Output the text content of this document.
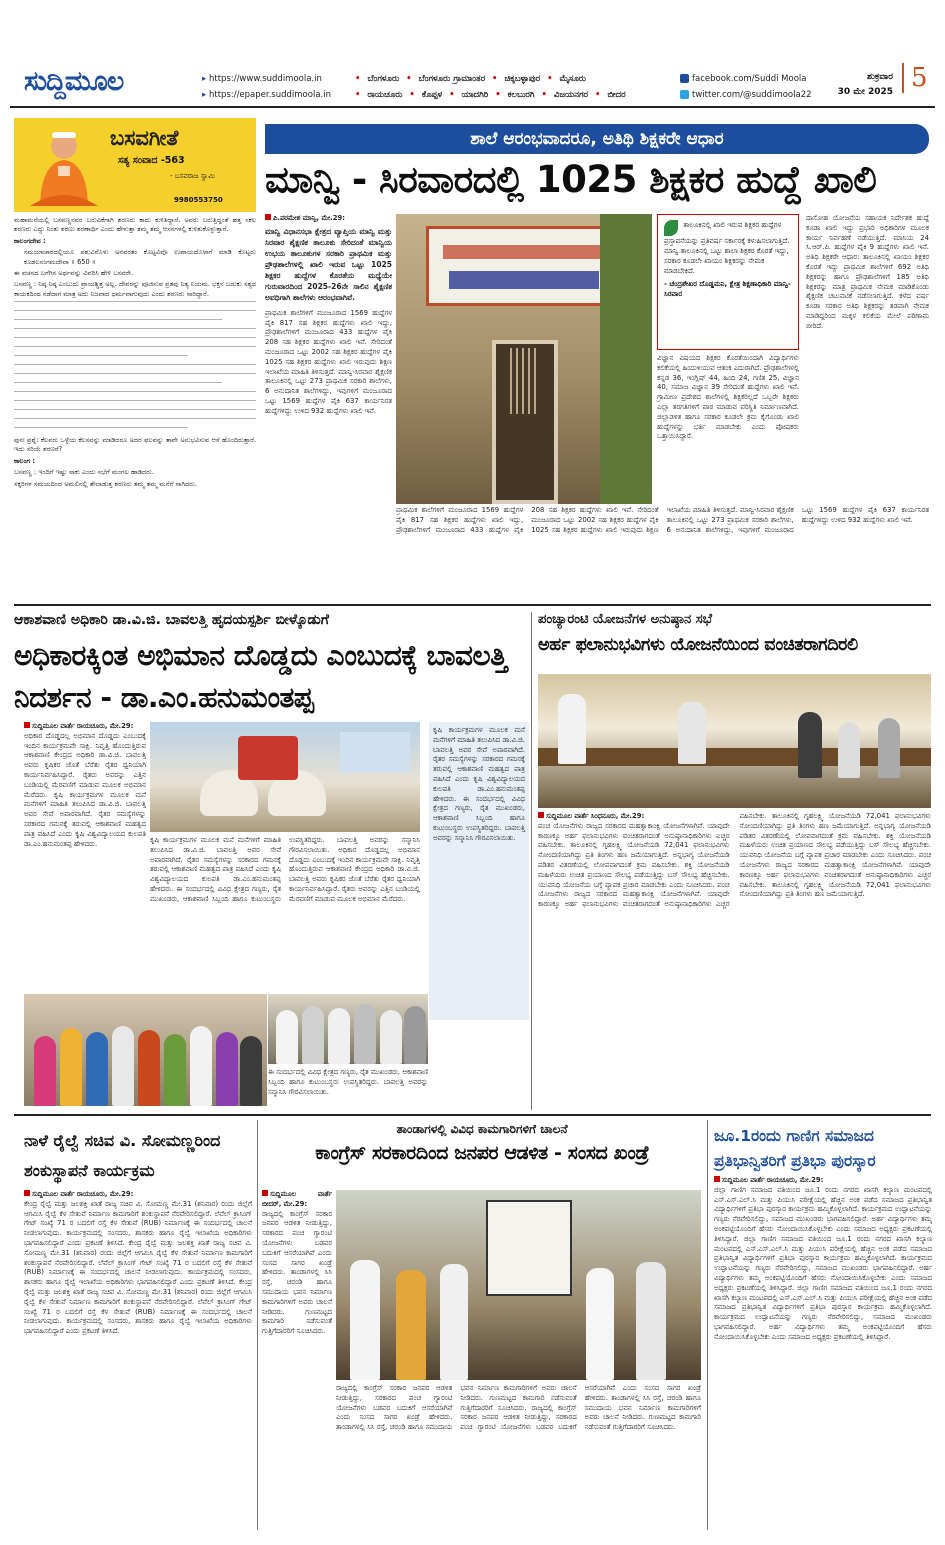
ಸುದ್ದಿಮೂಲ	▸ https://www.suddimoola.in
▸ https://epaper.suddimoola.in
• ಬೆಂಗಳೂರು • ಬೆಂಗಳೂರು ಗ್ರಾಮಾಂತರ • ಚಿಕ್ಕಬಳ್ಳಾಪುರ • ಮೈಸೂರು
• ರಾಯಚೂರು • ಕೊಪ್ಪಳ • ಯಾದಗಿರಿ • ಕಲಬುರಗಿ • ವಿಜಯನಗರ • ಬೀದರ
facebook.com/Suddi Moola
twitter.com/@suddimoola22
ಶುಕ್ರವಾರ
30 ಮೇ 2025 5
ಬಸವಗೀತೆ
ಸತ್ಯ ಸಂವಾದ -563
- ಬಸವರಾಜ ಸ್ವಾಮಿ
9980553750

ಮಹಾಮನೆಯಲ್ಲಿ ಬಸವಣ್ಣನವರ ಬರುವಿಕೆಗಾಗಿ ಶರಣರು ಕಾದು ಕುಳಿತಿದ್ದಾರೆ. ಅವರು ಬರುತ್ತಿದ್ದಂತೆ ಹತ್ತ ಸಕಲ ಶರಣರು ಎದ್ದು ನಿಂತು ಶರಣು ಶರಣಾರ್ಥಿ ಎಂದು ಹೇಳುತ್ತಾ ತಮ್ಮ ತಮ್ಮ ಆಸನಗಳಲ್ಲಿ ಕುಳಿತುಕೊಳ್ಳುತ್ತಾರೆ.

ಕಾಲಂಗದೇವ :

ಸಮಯಾಚಾರದಲ್ಲಿಯೂ ಪಶುವಿನೊಳು ಅನವರತಂ ಕೊಟ್ಟವಿವೊ ಉಪಾಯದೊಳಾಗೆ ಮಾಡಿ ಕೊಟ್ಟರು ಕೂಡಲಸಂಗಮದೇವಾ ॥ 650 ॥

ಈ ವಚನದ ಬಗೆಗಿನ ಅರ್ಥವನ್ನು ವಿವರಿಸಿ ಹೇಳಿ ಬಸವರೇ.

ಬಸವಣ್ಣ : ನಿಷ್ಠ ನಿಷ್ಠ ಎಂಬುದು ಪ್ರಾಯಶ್ಚಿತ್ತ ಅಲ್ಲ. ದೇವರನ್ನು ಪೂಜಿಸುವ ವ್ರತವು ನಿತ್ಯ ನಿಯಮ. ಭಕ್ತನ ಬದುಕು ಸತ್ಯದ ಕಾಯಕದಿಂದ ನಡೆದಾಗ ಮಾತ್ರ ಅದು ನಿಜವಾದ ಧರ್ಮವಾಗುವುದು ಎಂದು ಶರಣರು ಸಾರಿದ್ದಾರೆ.

ಪುನಃ ಪ್ರಶ್ನೆ: ಕೆಲವರು ಒಳ್ಳೆಯ ಕೆಲಸವನ್ನು ಮಾಡಿದರೂ ಅದರ ಫಲವನ್ನು ತಾವೇ ಅನುಭವಿಸುವ ಆಸೆ ಹೊಂದಿರುತ್ತಾರೆ. ಇದು ಸರಿಯೆ ಶರಣರೆ?

ಕಾಲಂಗ :

ಬಸವಣ್ಣ : ಇಂದಿಗೆ ಇಷ್ಟು ಸಾಕು ಎಂದು ಸಭೆಗೆ ಮಂಗಲ ಹಾಡಿದರು.

ಸಕ್ಕರಿಗಳ ಸಮಯದಿಂದ ಅಮಲಿನಲ್ಲಿ ತೇಲಾಡುತ್ತ ಶರಣರು ತಮ್ಮ ತಮ್ಮ ಮನೆಗೆ ಸಾಗಿದರು.

ಶಾಲೆ ಆರಂಭವಾದರೂ, ಅತಿಥಿ ಶಿಕ್ಷಕರೇ ಆಧಾರ
ಮಾನ್ವಿ - ಸಿರವಾರದಲ್ಲಿ 1025 ಶಿಕ್ಷಕರ ಹುದ್ದೆ ಖಾಲಿ
ಪಿ.ಪರಮೇಶ ಮಾನ್ವಿ, ಮೇ.29:
ಮಾನ್ವಿ ವಿಧಾನಸಭಾ ಕ್ಷೇತ್ರದ ವ್ಯಾಪ್ತಿಯ ಮಾನ್ವಿ ಮತ್ತು ಸಿರವಾರ ಶೈಕ್ಷಣಿಕ ತಾಲೂಕು ಸೇರಿದಂತೆ ಮಾನ್ವಿಯ ಉಭಯ ತಾಲೂಕುಗಳ ಸರಕಾರಿ ಪ್ರಾಥಮಿಕ ಮತ್ತು ಪ್ರೌಢಶಾಲೆಗಳಲ್ಲಿ ಖಾಲಿ ಇರುವ ಒಟ್ಟು 1025 ಶಿಕ್ಷಕರ ಹುದ್ದೆಗಳ ಕೊರತೆಯ ಮಧ್ಯೆಯೇ ಗುರುವಾರದಿಂದ 2025-26ನೇ ಸಾಲಿನ ಶೈಕ್ಷಣಿಕ ಅವಧಿಗಾಗಿ ಶಾಲೆಗಳು ಆರಂಭವಾಗಿವೆ.
ಪ್ರಾಥಮಿಕ ಶಾಲೆಗಳಿಗೆ ಮಂಜೂರಾದ 1569 ಹುದ್ದೆಗಳ ಪೈಕಿ 817 ಸಹ ಶಿಕ್ಷಕರ ಹುದ್ದೆಗಳು ಖಾಲಿ ಇದ್ದು, ಪ್ರೌಢಶಾಲೆಗಳಿಗೆ ಮಂಜೂರಾದ 433 ಹುದ್ದೆಗಳ ಪೈಕಿ 208 ಸಹ ಶಿಕ್ಷಕರ ಹುದ್ದೆಗಳು ಖಾಲಿ ಇವೆ. ಸೇರಿದಂತೆ ಮಂಜೂರಾದ ಒಟ್ಟು 2002 ಸಹ ಶಿಕ್ಷಕರ ಹುದ್ದೆಗಳ ಪೈಕಿ 1025 ಸಹ ಶಿಕ್ಷಕರ ಹುದ್ದೆಗಳು ಖಾಲಿ ಇರುವುದು ಶಿಕ್ಷಣ ಇಲಾಖೆಯ ಮಾಹಿತಿ ತಿಳಿಸುತ್ತದೆ. ಮಾನ್ವಿ-ಸಿರವಾರ ಶೈಕ್ಷಣಿಕ ತಾಲೂಕಿನಲ್ಲಿ ಒಟ್ಟು 273 ಪ್ರಾಥಮಿಕ ಸರಕಾರಿ ಶಾಲೆಗಳು, 6 ಅನುದಾನಿತ ಶಾಲೆಗಳಿದ್ದು, ಇವುಗಳಿಗೆ ಮಂಜೂರಾದ ಒಟ್ಟು 1569 ಹುದ್ದೆಗಳ ಪೈಕಿ 637 ಕಾರ್ಯನಿರತ ಹುದ್ದೆಗಳಿದ್ದು ಉಳಿದ 932 ಹುದ್ದೆಗಳು ಖಾಲಿ ಇವೆ.
ತಾಲೂಕಿನಲ್ಲಿ ಖಾಲಿ ಇರುವ ಶಿಕ್ಷಕರ ಹುದ್ದೆಗಳ ಪ್ರಸ್ತಾವನೆಯನ್ನು ಪ್ರತಿವರ್ಷ ಸರ್ಕಾರಕ್ಕೆ ಕಳುಹಿಸಲಾಗುತ್ತಿದೆ. ಮಾನ್ವಿ ತಾಲೂಕಿನಲ್ಲಿ ಒಟ್ಟು ಶಾಲಾ ಶಿಕ್ಷಕರ ಕೊರತೆ ಇದ್ದು, ಸರಕಾರ ಕೂಡಲೇ ಖಾಯಂ ಶಿಕ್ಷಕರನ್ನು ನೇಮಕ ಮಾಡಬೇಕಿದೆ.
- ಚಂದ್ರಶೇಖರ ದೊಡ್ಡಮನಿ, ಕ್ಷೇತ್ರ ಶಿಕ್ಷಣಾಧಿಕಾರಿ ಮಾನ್ವಿ-ಸಿರವಾರ
ದಾಸೋಹ ಯೋಜನೆಯ ಸಹಾಯಕ ನಿರ್ದೇಶಕ ಹುದ್ದೆ ಕೂಡಾ ಖಾಲಿ ಇದ್ದು ಪ್ರಭಾರಿ ಅಧಿಕಾರಿಗಳ ಮೂಲಕ ಕಾರ್ಯ ನಿರ್ವಹಣೆ ನಡೆಯುತ್ತಿದೆ. ಮಾಸಿಯ 24 ಸಿ.ಆರ್.ಪಿ. ಹುದ್ದೆಗಳ ಪೈಕಿ 9 ಹುದ್ದೆಗಳು ಖಾಲಿ ಇವೆ. ಅತಿಥಿ ಶಿಕ್ಷಕರೇ ಆಧಾರ: ತಾಲೂಕಿನಲ್ಲಿ ಖಾಯಂ ಶಿಕ್ಷಕರ ಕೊರತೆ ಇದ್ದು ಪ್ರಾಥಮಿಕ ಶಾಲೆಗಳಿಗೆ 692 ಅತಿಥಿ ಶಿಕ್ಷಕರನ್ನು ಹಾಗೂ ಪ್ರೌಢಶಾಲೆಗಳಿಗೆ 185 ಅತಿಥಿ ಶಿಕ್ಷಕರನ್ನು ಮಾತ್ರ ಪ್ರಾಥಮಿಕ ನೇಮಕ ಮಾಡಿಕೊಂಡು ಶೈಕ್ಷಣಿಕ ಚಟುವಟಿಕೆ ನಡೆಸಲಾಗುತ್ತಿದೆ. ಕಳೆದ ವರ್ಷ ಕೂಡಾ ಸರಕಾರ ಅತಿಥಿ ಶಿಕ್ಷಕರನ್ನು ತಡವಾಗಿ ನೇಮಕ ಮಾಡಿದ್ದರಿಂದ ಮಕ್ಕಳ ಕಲಿಕೆಯ ಮೇಲೆ ಪರಿಣಾಮ ಬೀರಿದೆ.
ವಿಜ್ಞಾನ ವಿಷಯದ ಶಿಕ್ಷಕರ ಕೊರತೆಯಿಂದಾಗಿ ವಿದ್ಯಾರ್ಥಿಗಳು ಕಲಿಕೆಯಲ್ಲಿ ಹಿಂದುಳಿಯುವ ಆತಂಕ ಎದುರಾಗಿದೆ. ಪ್ರೌಢಶಾಲೆಗಳಲ್ಲಿ ಕನ್ನಡ 36, ಇಂಗ್ಲಿಷ್ 44, ಹಿಂದಿ 24, ಗಣಿತ 25, ವಿಜ್ಞಾನ 40, ಸಮಾಜ ವಿಜ್ಞಾನ 39 ಸೇರಿದಂತೆ ಹುದ್ದೆಗಳು ಖಾಲಿ ಇವೆ. ಗ್ರಾಮೀಣ ಪ್ರದೇಶದ ಶಾಲೆಗಳಲ್ಲಿ ಶಿಕ್ಷಕರಿಲ್ಲದೆ ಒಬ್ಬರೇ ಶಿಕ್ಷಕರು ಎಲ್ಲಾ ತರಗತಿಗಳಿಗೆ ಪಾಠ ಮಾಡುವ ಪರಿಸ್ಥಿತಿ ನಿರ್ಮಾಣವಾಗಿದೆ. ಜಿಲ್ಲಾಡಳಿತ ಹಾಗೂ ಸರಕಾರ ಕೂಡಲೇ ಕ್ರಮ ಕೈಗೊಂಡು ಖಾಲಿ ಹುದ್ದೆಗಳನ್ನು ಭರ್ತಿ ಮಾಡಬೇಕು ಎಂದು ಪೋಷಕರು ಒತ್ತಾಯಿಸಿದ್ದಾರೆ.
ಪ್ರಾಥಮಿಕ ಶಾಲೆಗಳಿಗೆ ಮಂಜೂರಾದ 1569 ಹುದ್ದೆಗಳ ಪೈಕಿ 817 ಸಹ ಶಿಕ್ಷಕರ ಹುದ್ದೆಗಳು ಖಾಲಿ ಇದ್ದು, ಪ್ರೌಢಶಾಲೆಗಳಿಗೆ ಮಂಜೂರಾದ 433 ಹುದ್ದೆಗಳ ಪೈಕಿ 208 ಸಹ ಶಿಕ್ಷಕರ ಹುದ್ದೆಗಳು ಖಾಲಿ ಇವೆ. ಸೇರಿದಂತೆ ಮಂಜೂರಾದ ಒಟ್ಟು 2002 ಸಹ ಶಿಕ್ಷಕರ ಹುದ್ದೆಗಳ ಪೈಕಿ 1025 ಸಹ ಶಿಕ್ಷಕರ ಹುದ್ದೆಗಳು ಖಾಲಿ ಇರುವುದು ಶಿಕ್ಷಣ ಇಲಾಖೆಯ ಮಾಹಿತಿ ತಿಳಿಸುತ್ತದೆ. ಮಾನ್ವಿ-ಸಿರವಾರ ಶೈಕ್ಷಣಿಕ ತಾಲೂಕಿನಲ್ಲಿ ಒಟ್ಟು 273 ಪ್ರಾಥಮಿಕ ಸರಕಾರಿ ಶಾಲೆಗಳು, 6 ಅನುದಾನಿತ ಶಾಲೆಗಳಿದ್ದು, ಇವುಗಳಿಗೆ ಮಂಜೂರಾದ ಒಟ್ಟು 1569 ಹುದ್ದೆಗಳ ಪೈಕಿ 637 ಕಾರ್ಯನಿರತ ಹುದ್ದೆಗಳಿದ್ದು ಉಳಿದ 932 ಹುದ್ದೆಗಳು ಖಾಲಿ ಇವೆ.
ಆಕಾಶವಾಣಿ ಅಧಿಕಾರಿ ಡಾ.ವಿ.ಜಿ. ಬಾವಲತ್ತಿ ಹೃದಯಸ್ಪರ್ಶಿ ಬೀಳ್ಕೊಡುಗೆ
ಅಧಿಕಾರಕ್ಕಿಂತ ಅಭಿಮಾನ ದೊಡ್ಡದು ಎಂಬುದಕ್ಕೆ ಬಾವಲತ್ತಿ ನಿದರ್ಶನ - ಡಾ.ಎಂ.ಹನುಮಂತಪ್ಪ
ಸುದ್ದಿಮೂಲ ವಾರ್ತೆ ರಾಯಚೂರು, ಮೇ.29:
ಅಧಿಕಾರ ದೊಡ್ಡದಲ್ಲ ಅಭಿಮಾನ ದೊಡ್ಡದು ಎಂಬುದಕ್ಕೆ ಇಂದಿನ ಕಾರ್ಯಕ್ರಮವೇ ಸಾಕ್ಷಿ. ನಿವೃತ್ತಿ ಹೊಂದುತ್ತಿರುವ ಆಕಾಶವಾಣಿ ಕೇಂದ್ರದ ಅಧಿಕಾರಿ ಡಾ.ವಿ.ಜಿ. ಬಾವಲತ್ತಿ ಅವರು ಕೃಷಿಕರ ಜೊತೆ ಬೆರೆತು ರೈತರ ಧ್ವನಿಯಾಗಿ ಕಾರ್ಯನಿರ್ವಹಿಸಿದ್ದಾರೆ. ರೈತರು ಅವರನ್ನು ಎತ್ತಿನ ಬಂಡಿಯಲ್ಲಿ ಮೆರವಣಿಗೆ ಮಾಡುವ ಮೂಲಕ ಅಭಿಮಾನ ಮೆರೆದರು. ಕೃಷಿ ಕಾರ್ಯಕ್ರಮಗಳ ಮೂಲಕ ಮನೆ ಮನೆಗಳಿಗೆ ಮಾಹಿತಿ ತಲುಪಿಸಿದ ಡಾ.ವಿ.ಜಿ. ಬಾವಲತ್ತಿ ಅವರ ಸೇವೆ ಅಪಾರವಾಗಿದೆ. ರೈತರ ಸಮಸ್ಯೆಗಳನ್ನು ಸರಕಾರದ ಗಮನಕ್ಕೆ ತರುವಲ್ಲಿ ಆಕಾಶವಾಣಿ ಮಹತ್ವದ ಪಾತ್ರ ವಹಿಸಿದೆ ಎಂದು ಕೃಷಿ ವಿಶ್ವವಿದ್ಯಾಲಯದ ಕುಲಪತಿ ಡಾ.ಎಂ.ಹನುಮಂತಪ್ಪ ಹೇಳಿದರು.	ಕೃಷಿ ಕಾರ್ಯಕ್ರಮಗಳ ಮೂಲಕ ಮನೆ ಮನೆಗಳಿಗೆ ಮಾಹಿತಿ ತಲುಪಿಸಿದ ಡಾ.ವಿ.ಜಿ. ಬಾವಲತ್ತಿ ಅವರ ಸೇವೆ ಅಪಾರವಾಗಿದೆ. ರೈತರ ಸಮಸ್ಯೆಗಳನ್ನು ಸರಕಾರದ ಗಮನಕ್ಕೆ ತರುವಲ್ಲಿ ಆಕಾಶವಾಣಿ ಮಹತ್ವದ ಪಾತ್ರ ವಹಿಸಿದೆ ಎಂದು ಕೃಷಿ ವಿಶ್ವವಿದ್ಯಾಲಯದ ಕುಲಪತಿ ಡಾ.ಎಂ.ಹನುಮಂತಪ್ಪ ಹೇಳಿದರು. ಈ ಸಂದರ್ಭದಲ್ಲಿ ವಿವಿಧ ಕ್ಷೇತ್ರದ ಗಣ್ಯರು, ರೈತ ಮುಖಂಡರು, ಆಕಾಶವಾಣಿ ಸಿಬ್ಬಂದಿ ಹಾಗೂ ಕುಟುಂಬಸ್ಥರು ಉಪಸ್ಥಿತರಿದ್ದರು. ಬಾವಲತ್ತಿ ಅವರನ್ನು ಸನ್ಮಾನಿಸಿ ಗೌರವಿಸಲಾಯಿತು. ಅಧಿಕಾರ ದೊಡ್ಡದಲ್ಲ ಅಭಿಮಾನ ದೊಡ್ಡದು ಎಂಬುದಕ್ಕೆ ಇಂದಿನ ಕಾರ್ಯಕ್ರಮವೇ ಸಾಕ್ಷಿ. ನಿವೃತ್ತಿ ಹೊಂದುತ್ತಿರುವ ಆಕಾಶವಾಣಿ ಕೇಂದ್ರದ ಅಧಿಕಾರಿ ಡಾ.ವಿ.ಜಿ. ಬಾವಲತ್ತಿ ಅವರು ಕೃಷಿಕರ ಜೊತೆ ಬೆರೆತು ರೈತರ ಧ್ವನಿಯಾಗಿ ಕಾರ್ಯನಿರ್ವಹಿಸಿದ್ದಾರೆ. ರೈತರು ಅವರನ್ನು ಎತ್ತಿನ ಬಂಡಿಯಲ್ಲಿ ಮೆರವಣಿಗೆ ಮಾಡುವ ಮೂಲಕ ಅಭಿಮಾನ ಮೆರೆದರು.
ಕೃಷಿ ಕಾರ್ಯಕ್ರಮಗಳ ಮೂಲಕ ಮನೆ ಮನೆಗಳಿಗೆ ಮಾಹಿತಿ ತಲುಪಿಸಿದ ಡಾ.ವಿ.ಜಿ. ಬಾವಲತ್ತಿ ಅವರ ಸೇವೆ ಅಪಾರವಾಗಿದೆ. ರೈತರ ಸಮಸ್ಯೆಗಳನ್ನು ಸರಕಾರದ ಗಮನಕ್ಕೆ ತರುವಲ್ಲಿ ಆಕಾಶವಾಣಿ ಮಹತ್ವದ ಪಾತ್ರ ವಹಿಸಿದೆ ಎಂದು ಕೃಷಿ ವಿಶ್ವವಿದ್ಯಾಲಯದ ಕುಲಪತಿ ಡಾ.ಎಂ.ಹನುಮಂತಪ್ಪ ಹೇಳಿದರು. ಈ ಸಂದರ್ಭದಲ್ಲಿ ವಿವಿಧ ಕ್ಷೇತ್ರದ ಗಣ್ಯರು, ರೈತ ಮುಖಂಡರು, ಆಕಾಶವಾಣಿ ಸಿಬ್ಬಂದಿ ಹಾಗೂ ಕುಟುಂಬಸ್ಥರು ಉಪಸ್ಥಿತರಿದ್ದರು. ಬಾವಲತ್ತಿ ಅವರನ್ನು ಸನ್ಮಾನಿಸಿ ಗೌರವಿಸಲಾಯಿತು.
ಈ ಸಂದರ್ಭದಲ್ಲಿ ವಿವಿಧ ಕ್ಷೇತ್ರದ ಗಣ್ಯರು, ರೈತ ಮುಖಂಡರು, ಆಕಾಶವಾಣಿ ಸಿಬ್ಬಂದಿ ಹಾಗೂ ಕುಟುಂಬಸ್ಥರು ಉಪಸ್ಥಿತರಿದ್ದರು. ಬಾವಲತ್ತಿ ಅವರನ್ನು ಸನ್ಮಾನಿಸಿ ಗೌರವಿಸಲಾಯಿತು.
ಪಂಚ್ಯಾರಂಟಿ ಯೋಜನೆಗಳ ಅನುಷ್ಠಾನ ಸಭೆ
ಅರ್ಹ ಫಲಾನುಭವಿಗಳು ಯೋಜನೆಯಿಂದ ವಂಚಿತರಾಗದಿರಲಿ
ಸುದ್ದಿಮೂಲ ವಾರ್ತೆ ಸಿಂಧನೂರು, ಮೇ.29:
ಪಂಚ ಯೋಜನೆಗಳು ರಾಜ್ಯದ ಸರಕಾರದ ಮಹತ್ವಾಕಾಂಕ್ಷಿ ಯೋಜನೆಗಳಾಗಿವೆ. ಯಾವುದೇ ಕಾರಣಕ್ಕೂ ಅರ್ಹ ಫಲಾನುಭವಿಗಳು ವಂಚಿತರಾಗದಂತೆ ಅನುಷ್ಠಾನಾಧಿಕಾರಿಗಳು ಎಚ್ಚರ ವಹಿಸಬೇಕು. ತಾಲೂಕಿನಲ್ಲಿ ಗೃಹಲಕ್ಷ್ಮಿ ಯೋಜನೆಯಡಿ 72,041 ಫಲಾನುಭವಿಗಳು ನೋಂದಣಿಯಾಗಿದ್ದು ಪ್ರತಿ ತಿಂಗಳು ಹಣ ಜಮೆಯಾಗುತ್ತಿದೆ. ಅನ್ನಭಾಗ್ಯ ಯೋಜನೆಯಡಿ ಪಡಿತರ ವಿತರಣೆಯಲ್ಲಿ ಲೋಪವಾಗದಂತೆ ಕ್ರಮ ವಹಿಸಬೇಕು. ಶಕ್ತಿ ಯೋಜನೆಯಡಿ ಮಹಿಳೆಯರು ಉಚಿತ ಪ್ರಯಾಣದ ಸೌಲಭ್ಯ ಪಡೆಯುತ್ತಿದ್ದು ಬಸ್ ಸೌಲಭ್ಯ ಹೆಚ್ಚಿಸಬೇಕು. ಯುವನಿಧಿ ಯೋಜನೆಯ ಬಗ್ಗೆ ವ್ಯಾಪಕ ಪ್ರಚಾರ ಮಾಡಬೇಕು ಎಂದು ಸೂಚಿಸಿದರು. ಪಂಚ ಯೋಜನೆಗಳು ರಾಜ್ಯದ ಸರಕಾರದ ಮಹತ್ವಾಕಾಂಕ್ಷಿ ಯೋಜನೆಗಳಾಗಿವೆ. ಯಾವುದೇ ಕಾರಣಕ್ಕೂ ಅರ್ಹ ಫಲಾನುಭವಿಗಳು ವಂಚಿತರಾಗದಂತೆ ಅನುಷ್ಠಾನಾಧಿಕಾರಿಗಳು ಎಚ್ಚರ ವಹಿಸಬೇಕು. ತಾಲೂಕಿನಲ್ಲಿ ಗೃಹಲಕ್ಷ್ಮಿ ಯೋಜನೆಯಡಿ 72,041 ಫಲಾನುಭವಿಗಳು ನೋಂದಣಿಯಾಗಿದ್ದು ಪ್ರತಿ ತಿಂಗಳು ಹಣ ಜಮೆಯಾಗುತ್ತಿದೆ. ಅನ್ನಭಾಗ್ಯ ಯೋಜನೆಯಡಿ ಪಡಿತರ ವಿತರಣೆಯಲ್ಲಿ ಲೋಪವಾಗದಂತೆ ಕ್ರಮ ವಹಿಸಬೇಕು. ಶಕ್ತಿ ಯೋಜನೆಯಡಿ ಮಹಿಳೆಯರು ಉಚಿತ ಪ್ರಯಾಣದ ಸೌಲಭ್ಯ ಪಡೆಯುತ್ತಿದ್ದು ಬಸ್ ಸೌಲಭ್ಯ ಹೆಚ್ಚಿಸಬೇಕು. ಯುವನಿಧಿ ಯೋಜನೆಯ ಬಗ್ಗೆ ವ್ಯಾಪಕ ಪ್ರಚಾರ ಮಾಡಬೇಕು ಎಂದು ಸೂಚಿಸಿದರು. ಪಂಚ ಯೋಜನೆಗಳು ರಾಜ್ಯದ ಸರಕಾರದ ಮಹತ್ವಾಕಾಂಕ್ಷಿ ಯೋಜನೆಗಳಾಗಿವೆ. ಯಾವುದೇ ಕಾರಣಕ್ಕೂ ಅರ್ಹ ಫಲಾನುಭವಿಗಳು ವಂಚಿತರಾಗದಂತೆ ಅನುಷ್ಠಾನಾಧಿಕಾರಿಗಳು ಎಚ್ಚರ ವಹಿಸಬೇಕು. ತಾಲೂಕಿನಲ್ಲಿ ಗೃಹಲಕ್ಷ್ಮಿ ಯೋಜನೆಯಡಿ 72,041 ಫಲಾನುಭವಿಗಳು ನೋಂದಣಿಯಾಗಿದ್ದು ಪ್ರತಿ ತಿಂಗಳು ಹಣ ಜಮೆಯಾಗುತ್ತಿದೆ.
ನಾಳೆ ರೈಲ್ವೆ ಸಚಿವ ವಿ. ಸೋಮಣ್ಣರಿಂದ ಶಂಕುಸ್ಥಾಪನೆ ಕಾರ್ಯಕ್ರಮ
ಸುದ್ದಿಮೂಲ ವಾರ್ತೆ ರಾಯಚೂರು, ಮೇ.29:
ಕೇಂದ್ರ ರೈಲ್ವೆ ಮತ್ತು ಜಲಶಕ್ತಿ ಖಾತೆ ರಾಜ್ಯ ಸಚಿವ ವಿ. ಸೋಮಣ್ಣ ಮೇ.31 (ಶನಿವಾರ) ರಂದು ಜಿಲ್ಲೆಗೆ ಆಗಮಿಸಿ ರೈಲ್ವೆ ಕೆಳ ಸೇತುವೆ ನಿರ್ಮಾಣ ಕಾಮಗಾರಿಗೆ ಶಂಕುಸ್ಥಾಪನೆ ನೆರವೇರಿಸಲಿದ್ದಾರೆ. ಲೆವೆಲ್ ಕ್ರಾಸಿಂಗ್ ಗೇಟ್ ಸಂಖ್ಯೆ 71 ರ ಬದಲಿಗೆ ರಸ್ತೆ ಕೆಳ ಸೇತುವೆ (RUB) ನಿರ್ಮಾಣಕ್ಕೆ ಈ ಸಂದರ್ಭದಲ್ಲಿ ಚಾಲನೆ ನೀಡಲಾಗುವುದು. ಕಾರ್ಯಕ್ರಮದಲ್ಲಿ ಸಂಸದರು, ಶಾಸಕರು ಹಾಗೂ ರೈಲ್ವೆ ಇಲಾಖೆಯ ಅಧಿಕಾರಿಗಳು ಭಾಗವಹಿಸಲಿದ್ದಾರೆ ಎಂದು ಪ್ರಕಟಣೆ ತಿಳಿಸಿದೆ. ಕೇಂದ್ರ ರೈಲ್ವೆ ಮತ್ತು ಜಲಶಕ್ತಿ ಖಾತೆ ರಾಜ್ಯ ಸಚಿವ ವಿ. ಸೋಮಣ್ಣ ಮೇ.31 (ಶನಿವಾರ) ರಂದು ಜಿಲ್ಲೆಗೆ ಆಗಮಿಸಿ ರೈಲ್ವೆ ಕೆಳ ಸೇತುವೆ ನಿರ್ಮಾಣ ಕಾಮಗಾರಿಗೆ ಶಂಕುಸ್ಥಾಪನೆ ನೆರವೇರಿಸಲಿದ್ದಾರೆ. ಲೆವೆಲ್ ಕ್ರಾಸಿಂಗ್ ಗೇಟ್ ಸಂಖ್ಯೆ 71 ರ ಬದಲಿಗೆ ರಸ್ತೆ ಕೆಳ ಸೇತುವೆ (RUB) ನಿರ್ಮಾಣಕ್ಕೆ ಈ ಸಂದರ್ಭದಲ್ಲಿ ಚಾಲನೆ ನೀಡಲಾಗುವುದು. ಕಾರ್ಯಕ್ರಮದಲ್ಲಿ ಸಂಸದರು, ಶಾಸಕರು ಹಾಗೂ ರೈಲ್ವೆ ಇಲಾಖೆಯ ಅಧಿಕಾರಿಗಳು ಭಾಗವಹಿಸಲಿದ್ದಾರೆ ಎಂದು ಪ್ರಕಟಣೆ ತಿಳಿಸಿದೆ. ಕೇಂದ್ರ ರೈಲ್ವೆ ಮತ್ತು ಜಲಶಕ್ತಿ ಖಾತೆ ರಾಜ್ಯ ಸಚಿವ ವಿ. ಸೋಮಣ್ಣ ಮೇ.31 (ಶನಿವಾರ) ರಂದು ಜಿಲ್ಲೆಗೆ ಆಗಮಿಸಿ ರೈಲ್ವೆ ಕೆಳ ಸೇತುವೆ ನಿರ್ಮಾಣ ಕಾಮಗಾರಿಗೆ ಶಂಕುಸ್ಥಾಪನೆ ನೆರವೇರಿಸಲಿದ್ದಾರೆ. ಲೆವೆಲ್ ಕ್ರಾಸಿಂಗ್ ಗೇಟ್ ಸಂಖ್ಯೆ 71 ರ ಬದಲಿಗೆ ರಸ್ತೆ ಕೆಳ ಸೇತುವೆ (RUB) ನಿರ್ಮಾಣಕ್ಕೆ ಈ ಸಂದರ್ಭದಲ್ಲಿ ಚಾಲನೆ ನೀಡಲಾಗುವುದು. ಕಾರ್ಯಕ್ರಮದಲ್ಲಿ ಸಂಸದರು, ಶಾಸಕರು ಹಾಗೂ ರೈಲ್ವೆ ಇಲಾಖೆಯ ಅಧಿಕಾರಿಗಳು ಭಾಗವಹಿಸಲಿದ್ದಾರೆ ಎಂದು ಪ್ರಕಟಣೆ ತಿಳಿಸಿದೆ.
ತಾಂಡಾಗಳಲ್ಲಿ ವಿವಿಧ ಕಾಮಗಾರಿಗಳಿಗೆ ಚಾಲನೆ
ಕಾಂಗ್ರೆಸ್ ಸರಕಾರದಿಂದ ಜನಪರ ಆಡಳಿತ - ಸಂಸದ ಖಂಡ್ರೆ
ಸುದ್ದಿಮೂಲ ವಾರ್ತೆ ಬೀದರ್, ಮೇ.29:
ರಾಜ್ಯದಲ್ಲಿ ಕಾಂಗ್ರೆಸ್ ಸರಕಾರ ಜನಪರ ಆಡಳಿತ ನೀಡುತ್ತಿದ್ದು, ಸರಕಾರದ ಪಂಚ ಗ್ಯಾರಂಟಿ ಯೋಜನೆಗಳು ಬಡವರ ಬದುಕಿಗೆ ಆಸರೆಯಾಗಿವೆ ಎಂದು ಸಂಸದ ಸಾಗರ ಖಂಡ್ರೆ ಹೇಳಿದರು. ತಾಂಡಾಗಳಲ್ಲಿ ಸಿಸಿ ರಸ್ತೆ, ಚರಂಡಿ ಹಾಗೂ ಸಮುದಾಯ ಭವನ ನಿರ್ಮಾಣ ಕಾಮಗಾರಿಗಳಿಗೆ ಅವರು ಚಾಲನೆ ನೀಡಿದರು. ಗುಣಮಟ್ಟದ ಕಾಮಗಾರಿ ನಡೆಸುವಂತೆ ಗುತ್ತಿಗೆದಾರರಿಗೆ ಸೂಚಿಸಿದರು.
ರಾಜ್ಯದಲ್ಲಿ ಕಾಂಗ್ರೆಸ್ ಸರಕಾರ ಜನಪರ ಆಡಳಿತ ನೀಡುತ್ತಿದ್ದು, ಸರಕಾರದ ಪಂಚ ಗ್ಯಾರಂಟಿ ಯೋಜನೆಗಳು ಬಡವರ ಬದುಕಿಗೆ ಆಸರೆಯಾಗಿವೆ ಎಂದು ಸಂಸದ ಸಾಗರ ಖಂಡ್ರೆ ಹೇಳಿದರು. ತಾಂಡಾಗಳಲ್ಲಿ ಸಿಸಿ ರಸ್ತೆ, ಚರಂಡಿ ಹಾಗೂ ಸಮುದಾಯ ಭವನ ನಿರ್ಮಾಣ ಕಾಮಗಾರಿಗಳಿಗೆ ಅವರು ಚಾಲನೆ ನೀಡಿದರು. ಗುಣಮಟ್ಟದ ಕಾಮಗಾರಿ ನಡೆಸುವಂತೆ ಗುತ್ತಿಗೆದಾರರಿಗೆ ಸೂಚಿಸಿದರು. ರಾಜ್ಯದಲ್ಲಿ ಕಾಂಗ್ರೆಸ್ ಸರಕಾರ ಜನಪರ ಆಡಳಿತ ನೀಡುತ್ತಿದ್ದು, ಸರಕಾರದ ಪಂಚ ಗ್ಯಾರಂಟಿ ಯೋಜನೆಗಳು ಬಡವರ ಬದುಕಿಗೆ ಆಸರೆಯಾಗಿವೆ ಎಂದು ಸಂಸದ ಸಾಗರ ಖಂಡ್ರೆ ಹೇಳಿದರು. ತಾಂಡಾಗಳಲ್ಲಿ ಸಿಸಿ ರಸ್ತೆ, ಚರಂಡಿ ಹಾಗೂ ಸಮುದಾಯ ಭವನ ನಿರ್ಮಾಣ ಕಾಮಗಾರಿಗಳಿಗೆ ಅವರು ಚಾಲನೆ ನೀಡಿದರು. ಗುಣಮಟ್ಟದ ಕಾಮಗಾರಿ ನಡೆಸುವಂತೆ ಗುತ್ತಿಗೆದಾರರಿಗೆ ಸೂಚಿಸಿದರು.
ಜೂ.1ರಂದು ಗಾಣಿಗ ಸಮಾಜದ ಪ್ರತಿಭಾನ್ವಿತರಿಗೆ ಪ್ರತಿಭಾ ಪುರಸ್ಕಾರ
ಸುದ್ದಿಮೂಲ ವಾರ್ತೆ ರಾಯಚೂರು, ಮೇ.29:
ಜಿಲ್ಲಾ ಗಾಣಿಗ ಸಮಾಜದ ವತಿಯಿಂದ ಜೂ.1 ರಂದು ನಗರದ ಖಾಸಗಿ ಕಲ್ಯಾಣ ಮಂಟಪದಲ್ಲಿ ಎಸ್.ಎಸ್.ಎಲ್.ಸಿ ಮತ್ತು ಪಿಯುಸಿ ಪರೀಕ್ಷೆಯಲ್ಲಿ ಹೆಚ್ಚಿನ ಅಂಕ ಪಡೆದ ಸಮಾಜದ ಪ್ರತಿಭಾನ್ವಿತ ವಿದ್ಯಾರ್ಥಿಗಳಿಗೆ ಪ್ರತಿಭಾ ಪುರಸ್ಕಾರ ಕಾರ್ಯಕ್ರಮ ಹಮ್ಮಿಕೊಳ್ಳಲಾಗಿದೆ. ಕಾರ್ಯಕ್ರಮದ ಉದ್ಘಾಟನೆಯನ್ನು ಗಣ್ಯರು ನೆರವೇರಿಸಲಿದ್ದು, ಸಮಾಜದ ಮುಖಂಡರು ಭಾಗವಹಿಸಲಿದ್ದಾರೆ. ಅರ್ಹ ವಿದ್ಯಾರ್ಥಿಗಳು ತಮ್ಮ ಅಂಕಪಟ್ಟಿಯೊಂದಿಗೆ ಹೆಸರು ನೋಂದಾಯಿಸಿಕೊಳ್ಳಬೇಕು ಎಂದು ಸಮಾಜದ ಅಧ್ಯಕ್ಷರು ಪ್ರಕಟಣೆಯಲ್ಲಿ ತಿಳಿಸಿದ್ದಾರೆ. ಜಿಲ್ಲಾ ಗಾಣಿಗ ಸಮಾಜದ ವತಿಯಿಂದ ಜೂ.1 ರಂದು ನಗರದ ಖಾಸಗಿ ಕಲ್ಯಾಣ ಮಂಟಪದಲ್ಲಿ ಎಸ್.ಎಸ್.ಎಲ್.ಸಿ ಮತ್ತು ಪಿಯುಸಿ ಪರೀಕ್ಷೆಯಲ್ಲಿ ಹೆಚ್ಚಿನ ಅಂಕ ಪಡೆದ ಸಮಾಜದ ಪ್ರತಿಭಾನ್ವಿತ ವಿದ್ಯಾರ್ಥಿಗಳಿಗೆ ಪ್ರತಿಭಾ ಪುರಸ್ಕಾರ ಕಾರ್ಯಕ್ರಮ ಹಮ್ಮಿಕೊಳ್ಳಲಾಗಿದೆ. ಕಾರ್ಯಕ್ರಮದ ಉದ್ಘಾಟನೆಯನ್ನು ಗಣ್ಯರು ನೆರವೇರಿಸಲಿದ್ದು, ಸಮಾಜದ ಮುಖಂಡರು ಭಾಗವಹಿಸಲಿದ್ದಾರೆ. ಅರ್ಹ ವಿದ್ಯಾರ್ಥಿಗಳು ತಮ್ಮ ಅಂಕಪಟ್ಟಿಯೊಂದಿಗೆ ಹೆಸರು ನೋಂದಾಯಿಸಿಕೊಳ್ಳಬೇಕು ಎಂದು ಸಮಾಜದ ಅಧ್ಯಕ್ಷರು ಪ್ರಕಟಣೆಯಲ್ಲಿ ತಿಳಿಸಿದ್ದಾರೆ. ಜಿಲ್ಲಾ ಗಾಣಿಗ ಸಮಾಜದ ವತಿಯಿಂದ ಜೂ.1 ರಂದು ನಗರದ ಖಾಸಗಿ ಕಲ್ಯಾಣ ಮಂಟಪದಲ್ಲಿ ಎಸ್.ಎಸ್.ಎಲ್.ಸಿ ಮತ್ತು ಪಿಯುಸಿ ಪರೀಕ್ಷೆಯಲ್ಲಿ ಹೆಚ್ಚಿನ ಅಂಕ ಪಡೆದ ಸಮಾಜದ ಪ್ರತಿಭಾನ್ವಿತ ವಿದ್ಯಾರ್ಥಿಗಳಿಗೆ ಪ್ರತಿಭಾ ಪುರಸ್ಕಾರ ಕಾರ್ಯಕ್ರಮ ಹಮ್ಮಿಕೊಳ್ಳಲಾಗಿದೆ. ಕಾರ್ಯಕ್ರಮದ ಉದ್ಘಾಟನೆಯನ್ನು ಗಣ್ಯರು ನೆರವೇರಿಸಲಿದ್ದು, ಸಮಾಜದ ಮುಖಂಡರು ಭಾಗವಹಿಸಲಿದ್ದಾರೆ. ಅರ್ಹ ವಿದ್ಯಾರ್ಥಿಗಳು ತಮ್ಮ ಅಂಕಪಟ್ಟಿಯೊಂದಿಗೆ ಹೆಸರು ನೋಂದಾಯಿಸಿಕೊಳ್ಳಬೇಕು ಎಂದು ಸಮಾಜದ ಅಧ್ಯಕ್ಷರು ಪ್ರಕಟಣೆಯಲ್ಲಿ ತಿಳಿಸಿದ್ದಾರೆ.
